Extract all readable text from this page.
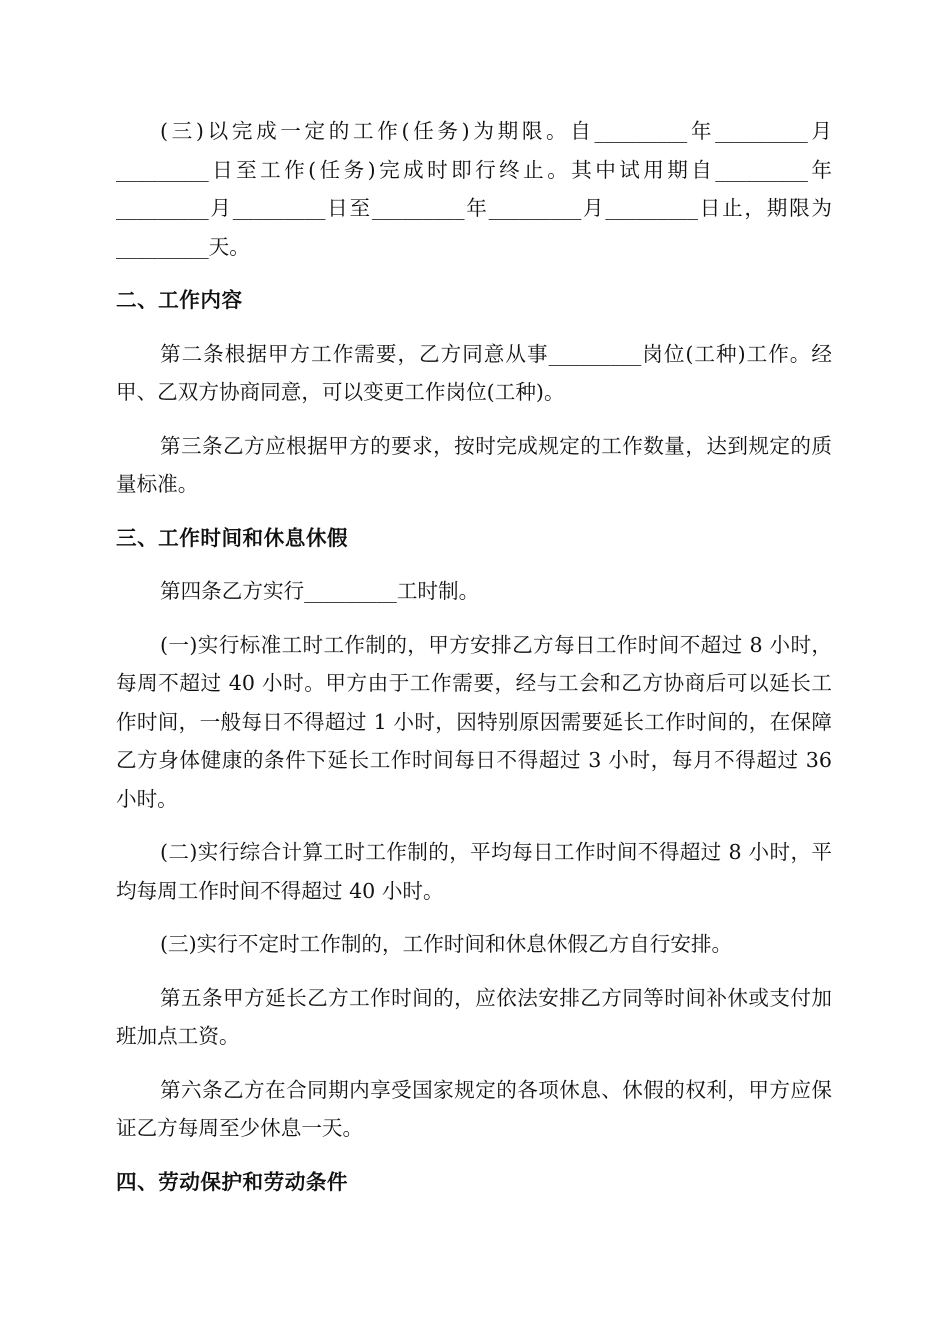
(三)以完成一定的工作(任务)为期限。自_________年_________月_________日至工作(任务)完成时即行终止。其中试用期自_________年_________月_________日至_________年_________月_________日止，期限为_________天。

二、工作内容

第二条根据甲方工作需要，乙方同意从事_________岗位(工种)工作。经甲、乙双方协商同意，可以变更工作岗位(工种)。

第三条乙方应根据甲方的要求，按时完成规定的工作数量，达到规定的质量标准。

三、工作时间和休息休假

第四条乙方实行_________工时制。

(一)实行标准工时工作制的，甲方安排乙方每日工作时间不超过 8 小时，每周不超过 40 小时。甲方由于工作需要，经与工会和乙方协商后可以延长工作时间，一般每日不得超过 1 小时，因特别原因需要延长工作时间的，在保障乙方身体健康的条件下延长工作时间每日不得超过 3 小时，每月不得超过 36 小时。

(二)实行综合计算工时工作制的，平均每日工作时间不得超过 8 小时，平均每周工作时间不得超过 40 小时。

(三)实行不定时工作制的，工作时间和休息休假乙方自行安排。

第五条甲方延长乙方工作时间的，应依法安排乙方同等时间补休或支付加班加点工资。

第六条乙方在合同期内享受国家规定的各项休息、休假的权利，甲方应保证乙方每周至少休息一天。

四、劳动保护和劳动条件
